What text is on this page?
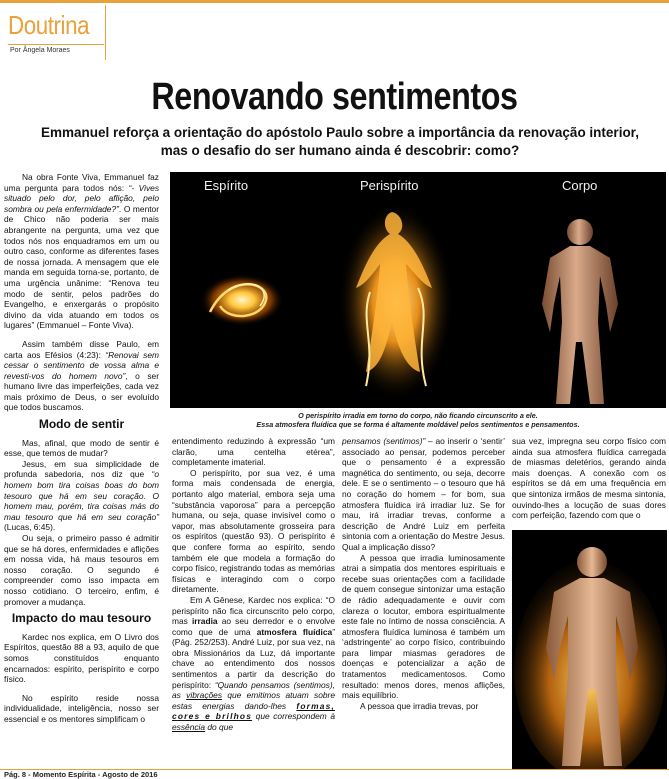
Doutrina
Por Ângela Moraes
Renovando sentimentos
Emmanuel reforça a orientação do apóstolo Paulo sobre a importância da renovação interior,
mas o desafio do ser humano ainda é descobrir: como?

Na obra Fonte Viva, Emmanuel faz uma pergunta para todos nós: “- Vives situado pelo dor, pelo aflição, pelo sombra ou pela enfermidade?”. O mentor de Chico não poderia ser mais abrangente na pergunta, uma vez que todos nós nos enquadramos em um ou outro caso, conforme as diferentes fases de nossa jornada. A mensagem que ele manda em seguida torna-se, portanto, de uma urgência unânime: “Renova teu modo de sentir, pelos padrões do Evangelho, e enxergarás o propósito divino da vida atuando em todos os lugares” (Emmanuel – Fonte Viva).

Assim também disse Paulo, em carta aos Efésios (4:23): “Renovai sem cessar o sentimento de vossa alma e revesti-vos do homem novo”, o ser humano livre das imperfeições, cada vez mais próximo de Deus, o ser evoluído que todos buscamos.

Modo de sentir

Mas, afinal, que modo de sentir é esse, que temos de mudar?

Jesus, em sua simplicidade de profunda sabedoria, nos diz que “o homem bom tira coisas boas do bom tesouro que há em seu coração. O homem mau, porém, tira coisas más do mau tesouro que há em seu coração” (Lucas, 6:45).

Ou seja, o primeiro passo é admitir que se há dores, enfermidades e aflições em nossa vida, há maus tesouros em nosso coração. O segundo é compreender como isso impacta em nosso cotidiano. O terceiro, enfim, é promover a mudança.

Impacto do mau tesouro

Kardec nos explica, em O Livro dos Espíritos, questão 88 a 93, aquilo de que somos constituídos enquanto encarnados: espírito, perispírito e corpo físico.

No espírito reside nossa individualidade, inteligência, nosso ser essencial e os mentores simplificam o

Espírito	Perispírito	Corpo
O perispírito irradia em torno do corpo, não ficando circunscrito a ele.
Essa atmosfera fluídica que se forma é altamente moldável pelos sentimentos e pensamentos.

entendimento reduzindo à expressão “um clarão, uma centelha etérea”, completamente imaterial.

O perispírito, por sua vez, é uma forma mais condensada de energia, portanto algo material, embora seja uma “substância vaporosa” para a percepção humana, ou seja, quase invisível como o vapor, mas absolutamente grosseira para os espíritos (questão 93). O perispírito é que confere forma ao espírito, sendo também ele que modela a formação do corpo físico, registrando todas as memórias físicas e interagindo com o corpo diretamente.

Em A Gênese, Kardec nos explica: “O perispírito não fica circunscrito pelo corpo, mas irradia ao seu derredor e o envolve como que de uma atmosfera fluídica” (Pág. 252/253). André Luiz, por sua vez, na obra Missionários da Luz, dá importante chave ao entendimento dos nossos sentimentos a partir da descrição do perispírito: “Quando pensamos (sentimos), as vibrações que emitimos atuam sobre estas energias dando-lhes formas, cores e brilhos que correspondem à essência do que

pensamos (sentimos)” – ao inserir o ‘sentir’ associado ao pensar, podemos perceber que o pensamento é a expressão magnética do sentimento, ou seja, decorre dele. E se o sentimento – o tesouro que há no coração do homem – for bom, sua atmosfera fluídica irá irradiar luz. Se for mau, irá irradiar trevas, conforme a descrição de André Luiz em perfeita sintonia com a orientação do Mestre Jesus. Qual a implicação disso?

A pessoa que irradia luminosamente atrai a simpatia dos mentores espirituais e recebe suas orientações com a facilidade de quem consegue sintonizar uma estação de rádio adequadamente e ouvir com clareza o locutor, embora espiritualmente este fale no íntimo de nossa consciência. A atmosfera fluídica luminosa é também um ‘adstringente’ ao corpo físico, contribuindo para limpar miasmas geradores de doenças e potencializar a ação de tratamentos medicamentosos. Como resultado: menos dores, menos aflições, mais equilíbrio.

A pessoa que irradia trevas, por

sua vez, impregna seu corpo físico com ainda sua atmosfera fluídica carregada de miasmas deletérios, gerando ainda mais doenças. A conexão com os espíritos se dá em uma frequência em que sintoniza irmãos de mesma sintonia, ouvindo-lhes a locução de suas dores com perfeição, fazendo com que o

Pág. 8 - Momento Espírita - Agosto de 2016
